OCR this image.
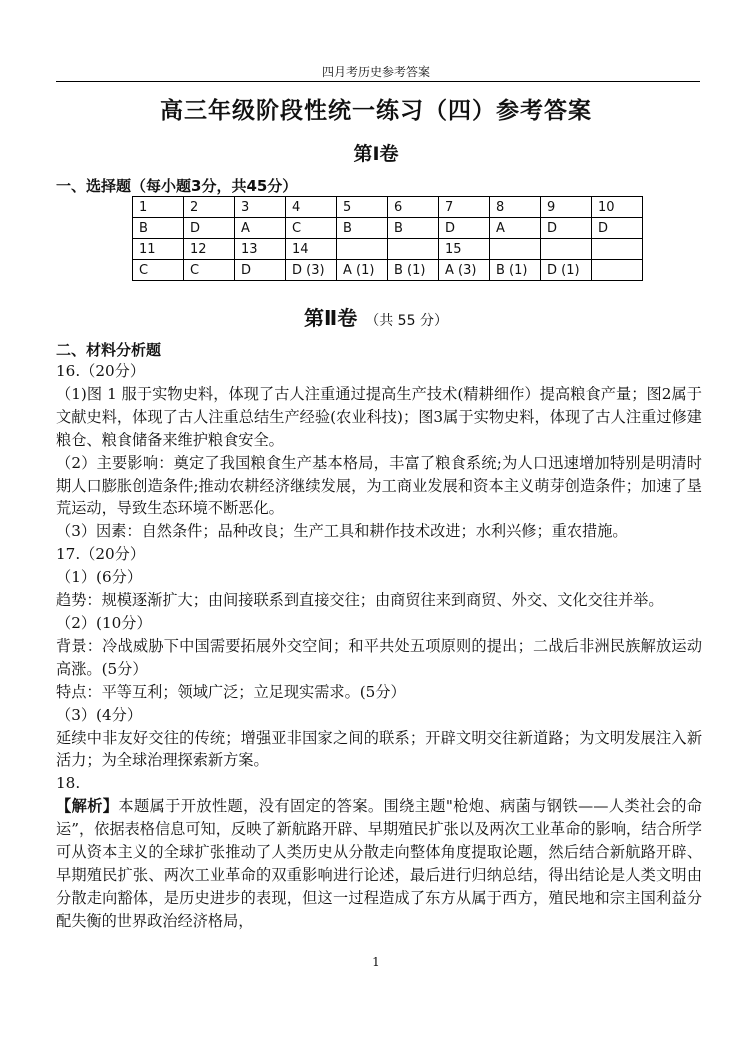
四月考历史参考答案
高三年级阶段性统一练习（四）参考答案
第Ⅰ卷
一、选择题（每小题3分，共45分）
1	2	3	4	5	6	7	8	9	10
B	D	A	C	B	B	D	A	D	D
11	12	13	14			15			
C	C	D	D (3)	A (1)	B (1)	A (3)	B (1)	D (1)	
第Ⅱ卷 （共 55 分）
二、材料分析题

16.（20分）

（1)图 1 服于实物史料，体现了古人注重通过提高生产技术(精耕细作）提高粮食产量；图2属于文献史料，体现了古人注重总结生产经验(农业科技)；图3属于实物史料，体现了古人注重过修建粮仓、粮食储备来维护粮食安全。

（2）主要影响：奠定了我国粮食生产基本格局，丰富了粮食系统;为人口迅速增加特别是明清时期人口膨胀创造条件;推动农耕经济继续发展，为工商业发展和资本主义萌芽创造条件；加速了垦荒运动，导致生态环境不断恶化。

（3）因素：自然条件；品种改良；生产工具和耕作技术改进；水利兴修；重农措施。

17.（20分）

（1）(6分）

趋势：规模逐渐扩大；由间接联系到直接交往；由商贸往来到商贸、外交、文化交往并举。

（2）(10分）

背景：冷战威胁下中国需要拓展外交空间；和平共处五项原则的提出；二战后非洲民族解放运动高涨。(5分）

特点：平等互利；领域广泛；立足现实需求。(5分）

（3）(4分）

延续中非友好交往的传统；增强亚非国家之间的联系；开辟文明交往新道路；为文明发展注入新活力；为全球治理探索新方案。

18.

【解析】本题属于开放性题，没有固定的答案。围绕主题"枪炮、病菌与钢铁——人类社会的命运”，依据表格信息可知，反映了新航路开辟、早期殖民扩张以及两次工业革命的影响，结合所学可从资本主义的全球扩张推动了人类历史从分散走向整体角度提取论题，然后结合新航路开辟、早期殖民扩张、两次工业革命的双重影响进行论述，最后进行归纳总结，得出结论是人类文明由分散走向豁体，是历史进步的表现，但这一过程造成了东方从属于西方，殖民地和宗主国利益分配失衡的世界政治经济格局，

1
